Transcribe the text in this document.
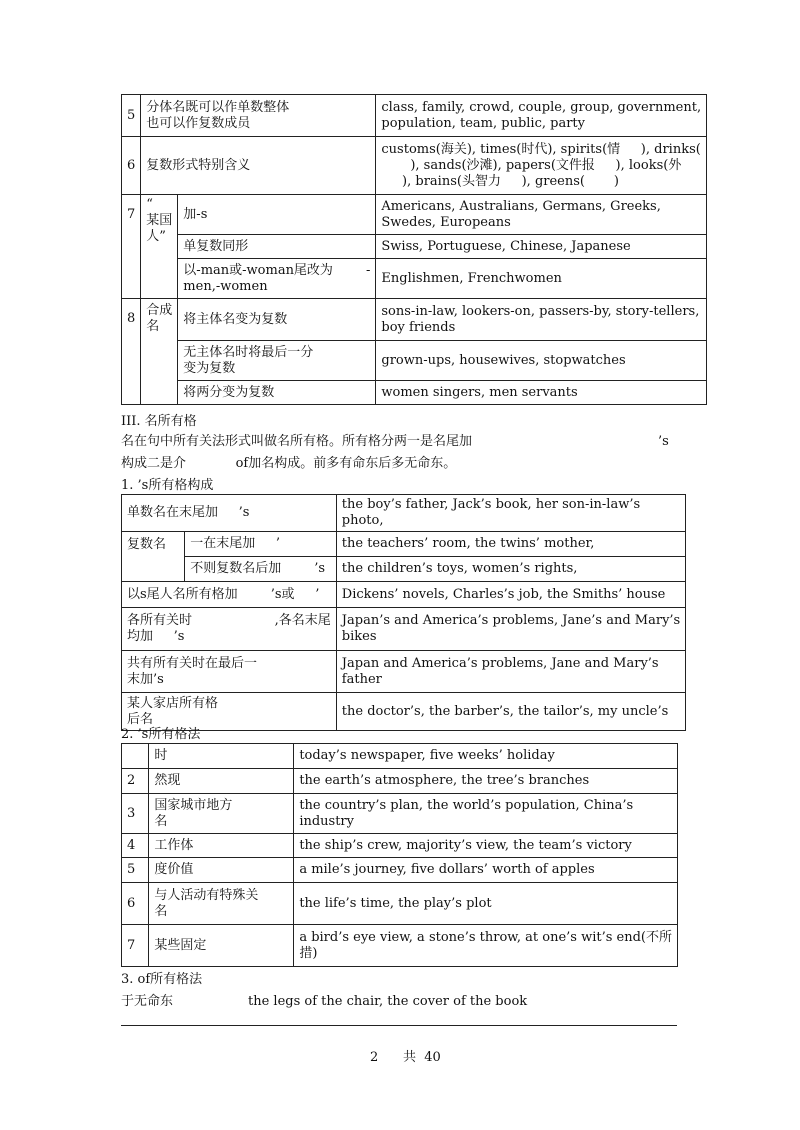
5	分体名既可以作单数整体
也可以作复数成员		class, family, crowd, couple, group, government,
population, team, public, party
6	复数形式特别含义		customs(海关), times(时代), spirits(情     ), drinks(
), sands(沙滩), papers(文件报     ), looks(外
), brains(头智力     ), greens(       )
7	“
某国
人”	加-s	Americans, Australians, Germans, Greeks,
Swedes, Europeans
		单复数同形	Swiss, Portuguese, Chinese, Japanese
		以-man或-woman尾改为        -
men,-women	Englishmen, Frenchwomen
8	合成名	将主体名变为复数	sons-in-law, lookers-on, passers-by, story-tellers,
boy friends
		无主体名时将最后一分
变为复数	grown-ups, housewives, stopwatches
		将两分变为复数	women singers, men servants
III. 名所有格
名在句中所有关法形式叫做名所有格。所有格分两一是名尾加	’s
构成二是介            of加名构成。前多有命东后多无命东。
1. ’s所有格构成
单数名在末尾加     ’s		the boy’s father, Jack’s book, her son-in-law’s photo,
复数名	一在末尾加     ’	the teachers’ room, the twins’ mother,
	不则复数名后加        ’s	the children’s toys, women’s rights,
以s尾人名所有格加        ’s或     ’		Dickens’ novels, Charles’s job, the Smiths’ house
各所有关时                    ,各名末尾
均加     ’s		Japan’s and America’s problems, Jane’s and Mary’s
bikes
共有所有关时在最后一
末加’s		Japan and America’s problems, Jane and Mary’s father
某人家店所有格
后名		the doctor’s, the barber’s, the tailor’s, my uncle’s
2. ’s所有格法
	时	today’s newspaper, five weeks’ holiday
2	然现	the earth’s atmosphere, the tree’s branches
3	国家城市地方
名	the country’s plan, the world’s population, China’s industry
4	工作体	the ship’s crew, majority’s view, the team’s victory
5	度价值	a mile’s journey, five dollars’ worth of apples
6	与人活动有特殊关
名	the life’s time, the play’s plot
7	某些固定	a bird’s eye view, a stone’s throw, at one’s wit’s end(不所
措)
3. of所有格法
于无命东	the legs of the chair, the cover of the book
2 共  40
